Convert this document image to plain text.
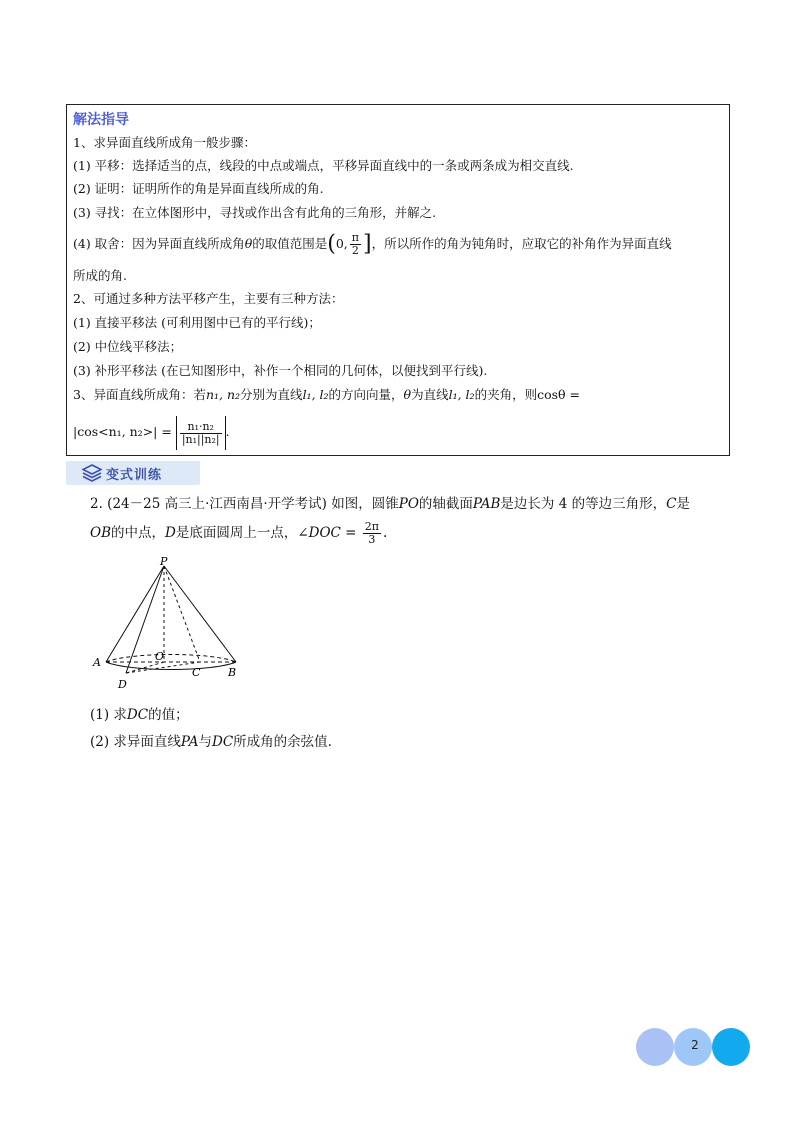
解法指导
1、求异面直线所成角一般步骤：
(1) 平移：选择适当的点，线段的中点或端点，平移异面直线中的一条或两条成为相交直线.
(2) 证明：证明所作的角是异面直线所成的角.
(3) 寻找：在立体图形中，寻找或作出含有此角的三角形，并解之.
(4) 取舍：因为异面直线所成角θ的取值范围是(0, $\frac{\pi}{2}$ ]，所以所作的角为钝角时，应取它的补角作为异面直线
所成的角.
2、可通过多种方法平移产生，主要有三种方法：
(1) 直接平移法 (可利用图中已有的平行线)；
(2) 中位线平移法；
(3) 补形平移法 (在已知图形中，补作一个相同的几何体，以便找到平行线).
3、异面直线所成角：若n₁, n₂分别为直线l₁, l₂的方向向量，θ为直线l₁, l₂的夹角，则cosθ =
|cos<n₁, $n_2>| = \frac{\text{n₁·n₂}}{\text{|n₁||n₂|}}$ .
变式训练
2. (24－25 高三上·江西南昌·开学考试) 如图，圆锥PO的轴截面PAB是边长为 4 的等边三角形，C是
OB的中点，D是底面圆周上一点，∠DOC = $\frac{2\pi}{3}$ .
P
A
B
O
C
D
(1) 求DC的值；
(2) 求异面直线PA与DC所成角的余弦值.
2
